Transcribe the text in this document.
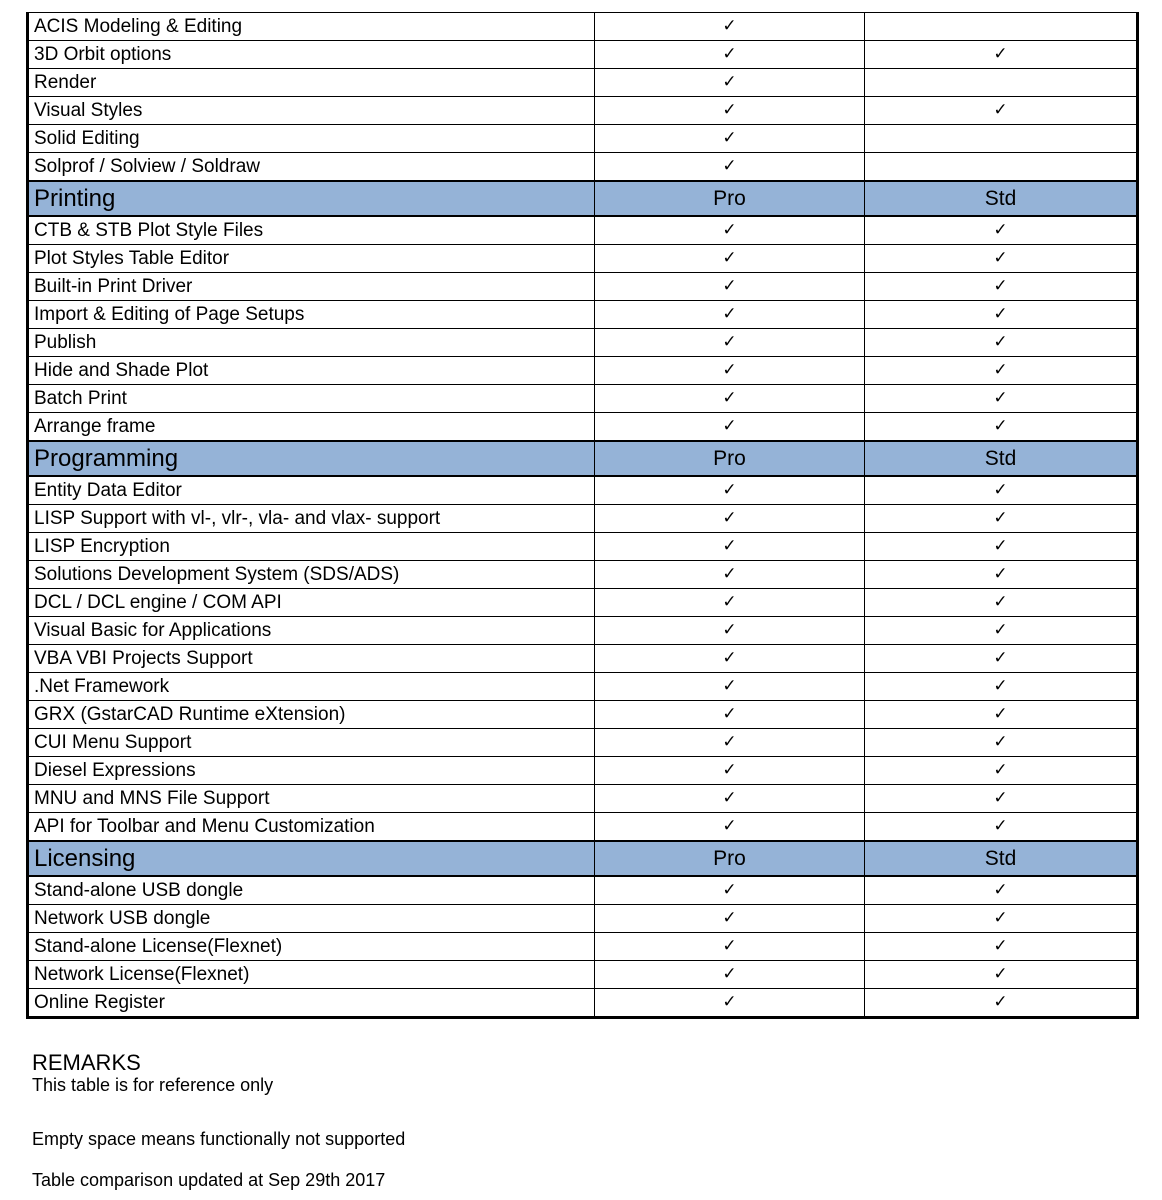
ACIS Modeling & Editing	✓	
3D Orbit options	✓	✓
Render	✓	
Visual Styles	✓	✓
Solid Editing	✓	
Solprof / Solview / Soldraw	✓	
Printing	Pro	Std
CTB & STB Plot Style Files	✓	✓
Plot Styles Table Editor	✓	✓
Built-in Print Driver	✓	✓
Import & Editing of Page Setups	✓	✓
Publish	✓	✓
Hide and Shade Plot	✓	✓
Batch Print	✓	✓
Arrange frame	✓	✓
Programming	Pro	Std
Entity Data Editor	✓	✓
LISP Support with vl-, vlr-, vla- and vlax- support	✓	✓
LISP Encryption	✓	✓
Solutions Development System (SDS/ADS)	✓	✓
DCL / DCL engine / COM API	✓	✓
Visual Basic for Applications	✓	✓
VBA VBI Projects Support	✓	✓
.Net Framework	✓	✓
GRX (GstarCAD Runtime eXtension)	✓	✓
CUI Menu Support	✓	✓
Diesel Expressions	✓	✓
MNU and MNS File Support	✓	✓
API for Toolbar and Menu Customization	✓	✓
Licensing	Pro	Std
Stand-alone USB dongle	✓	✓
Network USB dongle	✓	✓
Stand-alone License(Flexnet)	✓	✓
Network License(Flexnet)	✓	✓
Online Register	✓	✓
REMARKS
This table is for reference only
Empty space means functionally not supported
Table comparison updated at Sep 29th 2017
